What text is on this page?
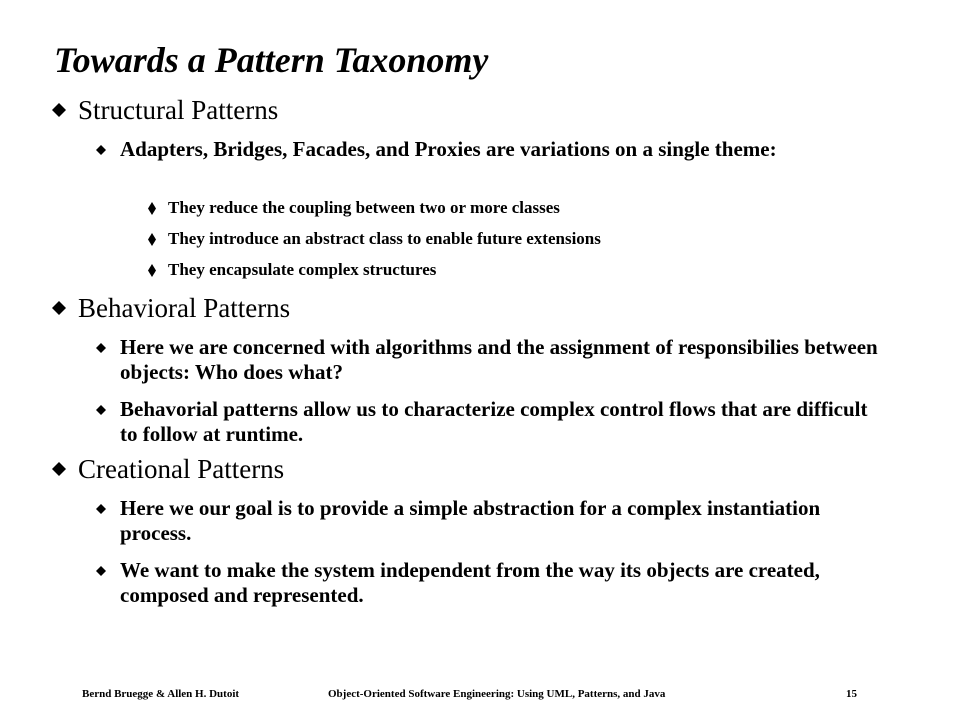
Towards a Pattern Taxonomy
Structural Patterns
Adapters, Bridges, Facades, and Proxies are variations on a single theme:
They reduce the coupling between two or more classes
They introduce an abstract class to enable future extensions
They encapsulate complex structures
Behavioral Patterns
Here we are concerned with algorithms and the assignment of responsibilies between objects: Who does what?
Behavorial patterns allow us to characterize complex control flows that are difficult to follow at runtime.
Creational Patterns
Here we our goal is to provide a simple abstraction for a complex instantiation process.
We want to make the system independent from the way its objects are created, composed and represented.
Bernd Bruegge & Allen H. Dutoit	Object-Oriented Software Engineering: Using UML, Patterns, and Java	15
